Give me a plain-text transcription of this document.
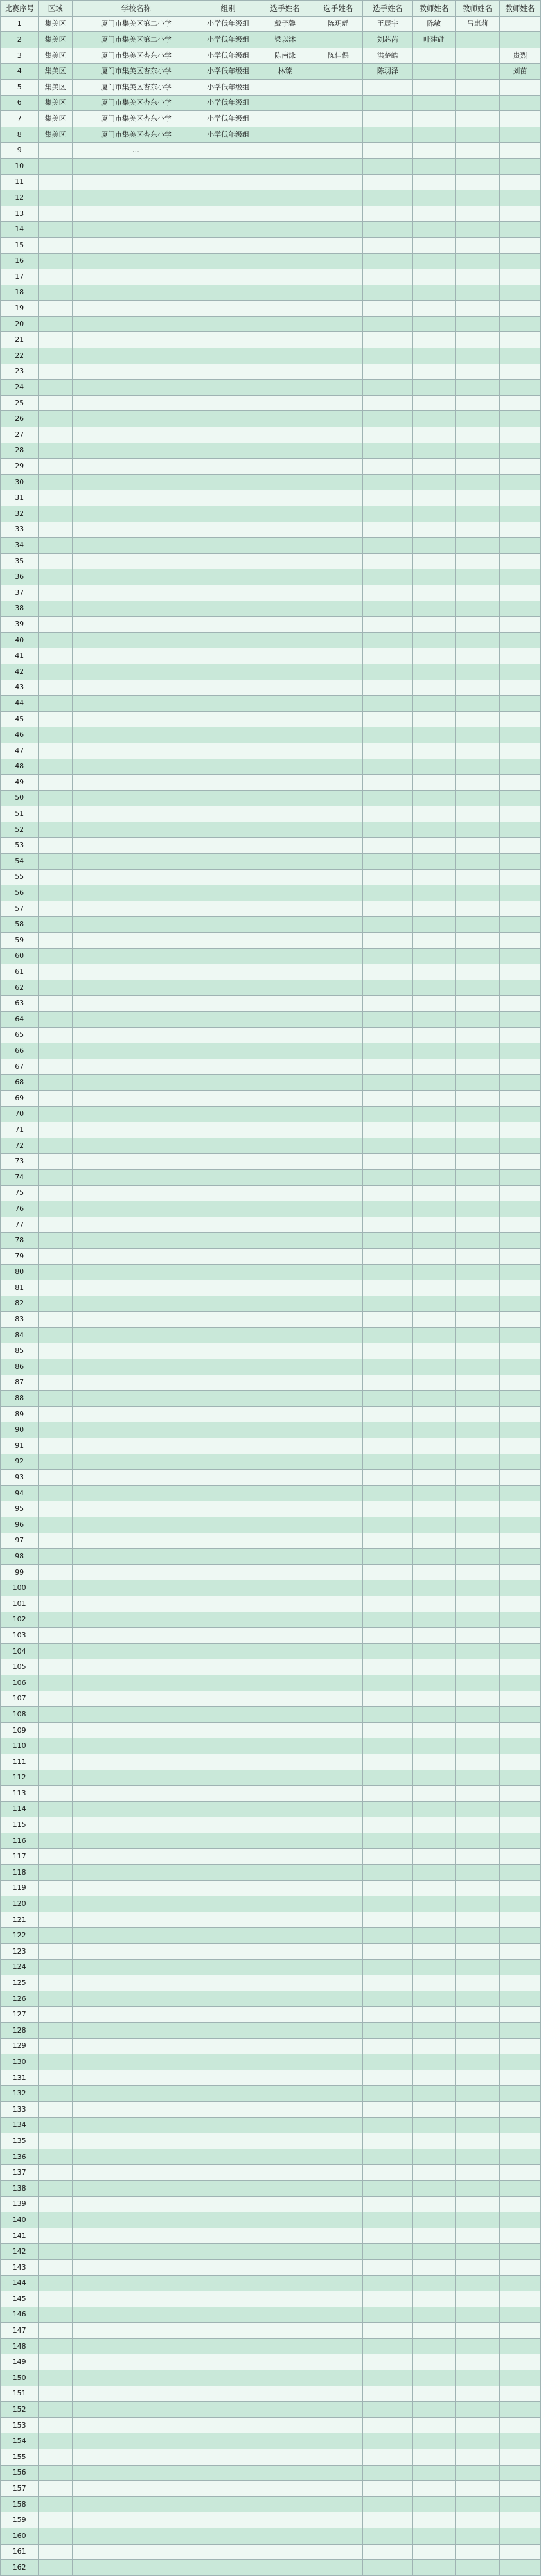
比赛序号	区域	学校名称	组别	选手姓名	选手姓名	选手姓名	教师姓名	教师姓名	教师姓名
1	集美区	厦门市集美区第二小学	小学低年级组	戴子馨	陈玥瑶	王展宇	陈敏	吕惠莉	
2	集美区	厦门市集美区第二小学	小学低年级组	梁以沐		刘芯芮	叶建硅		
3	集美区	厦门市集美区杏东小学	小学低年级组	陈南泳	陈佳偶	洪楚皓			贵烈
4	集美区	厦门市集美区杏东小学	小学低年级组	林臻		陈羽泽			刘苗
5	集美区	厦门市集美区杏东小学	小学低年级组						
6	集美区	厦门市集美区杏东小学	小学低年级组						
7	集美区	厦门市集美区杏东小学	小学低年级组						
8	集美区	厦门市集美区杏东小学	小学低年级组						
9		…							
10									
11									
12									
13									
14									
15									
16									
17									
18									
19									
20									
21									
22									
23									
24									
25									
26									
27									
28									
29									
30									
31									
32									
33									
34									
35									
36									
37									
38									
39									
40									
41									
42									
43									
44									
45									
46									
47									
48									
49									
50									
51									
52									
53									
54									
55									
56									
57									
58									
59									
60									
61									
62									
63									
64									
65									
66									
67									
68									
69									
70									
71									
72									
73									
74									
75									
76									
77									
78									
79									
80									
81									
82									
83									
84									
85									
86									
87									
88									
89									
90									
91									
92									
93									
94									
95									
96									
97									
98									
99									
100									
101									
102									
103									
104									
105									
106									
107									
108									
109									
110									
111									
112									
113									
114									
115									
116									
117									
118									
119									
120									
121									
122									
123									
124									
125									
126									
127									
128									
129									
130									
131									
132									
133									
134									
135									
136									
137									
138									
139									
140									
141									
142									
143									
144									
145									
146									
147									
148									
149									
150									
151									
152									
153									
154									
155									
156									
157									
158									
159									
160									
161									
162									
